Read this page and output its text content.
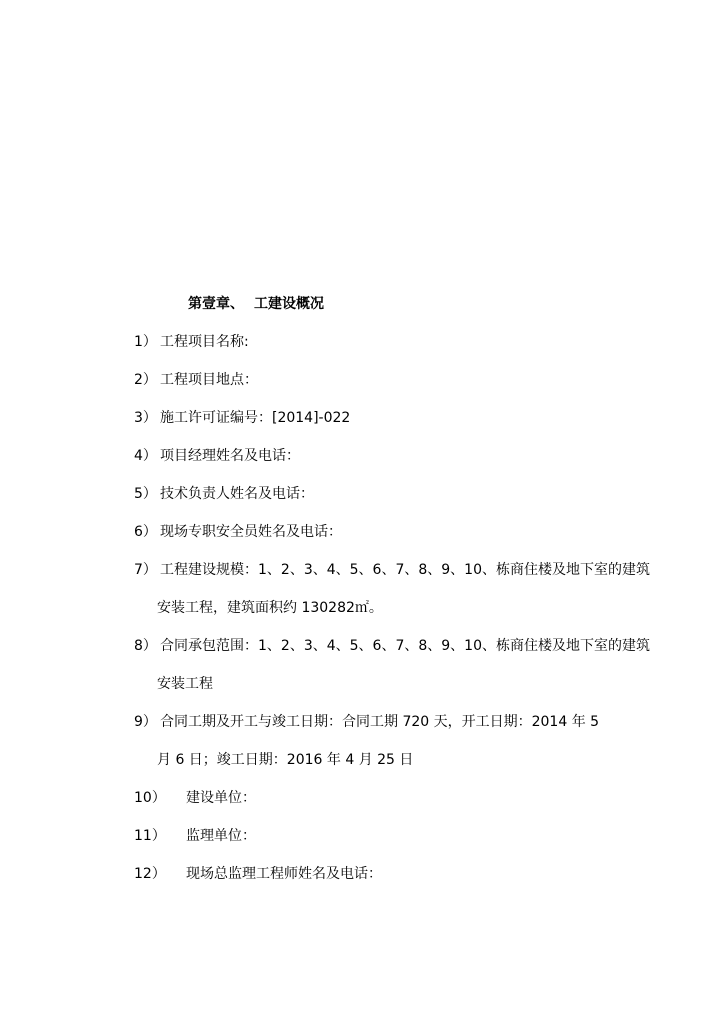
第壹章、 工建设概况
1） 工程项目名称:
2） 工程项目地点：
3） 施工许可证编号：[2014]-022
4） 项目经理姓名及电话：
5） 技术负责人姓名及电话：
6） 现场专职安全员姓名及电话：
7） 工程建设规模：1、2、3、4、5、6、7、8、9、10、栋商住楼及地下室的建筑
安装工程，建筑面积约 130282㎡。
8） 合同承包范围：1、2、3、4、5、6、7、8、9、10、栋商住楼及地下室的建筑
安装工程
9） 合同工期及开工与竣工日期：合同工期 720 天，开工日期：2014 年 5
月 6 日；竣工日期：2016 年 4 月 25 日
10） 建设单位：
11） 监理单位：
12） 现场总监理工程师姓名及电话：
